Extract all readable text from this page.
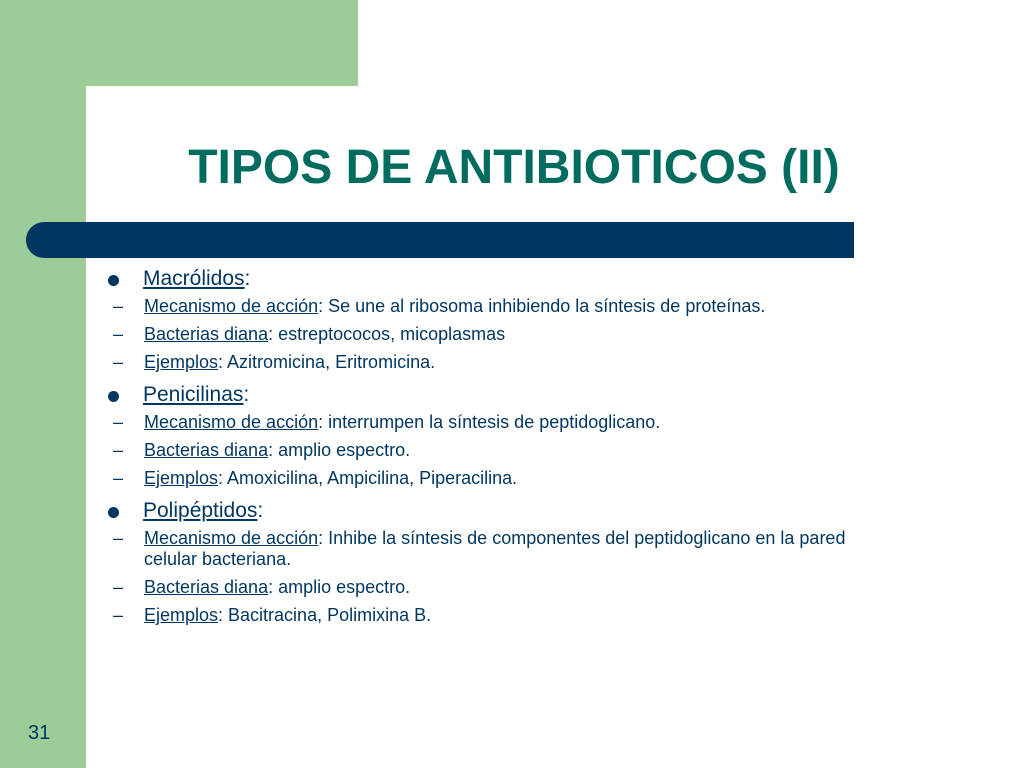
TIPOS DE ANTIBIOTICOS (II)
Macrólidos:
– Mecanismo de acción: Se une al ribosoma inhibiendo la síntesis de proteínas.
– Bacterias diana: estreptococos, micoplasmas
– Ejemplos: Azitromicina, Eritromicina.
Penicilinas:
– Mecanismo de acción: interrumpen la síntesis de peptidoglicano.
– Bacterias diana: amplio espectro.
– Ejemplos: Amoxicilina, Ampicilina, Piperacilina.
Polipéptidos:
– Mecanismo de acción: Inhibe la síntesis de componentes del peptidoglicano en la pared celular bacteriana.
– Bacterias diana: amplio espectro.
– Ejemplos: Bacitracina, Polimixina B.
31
